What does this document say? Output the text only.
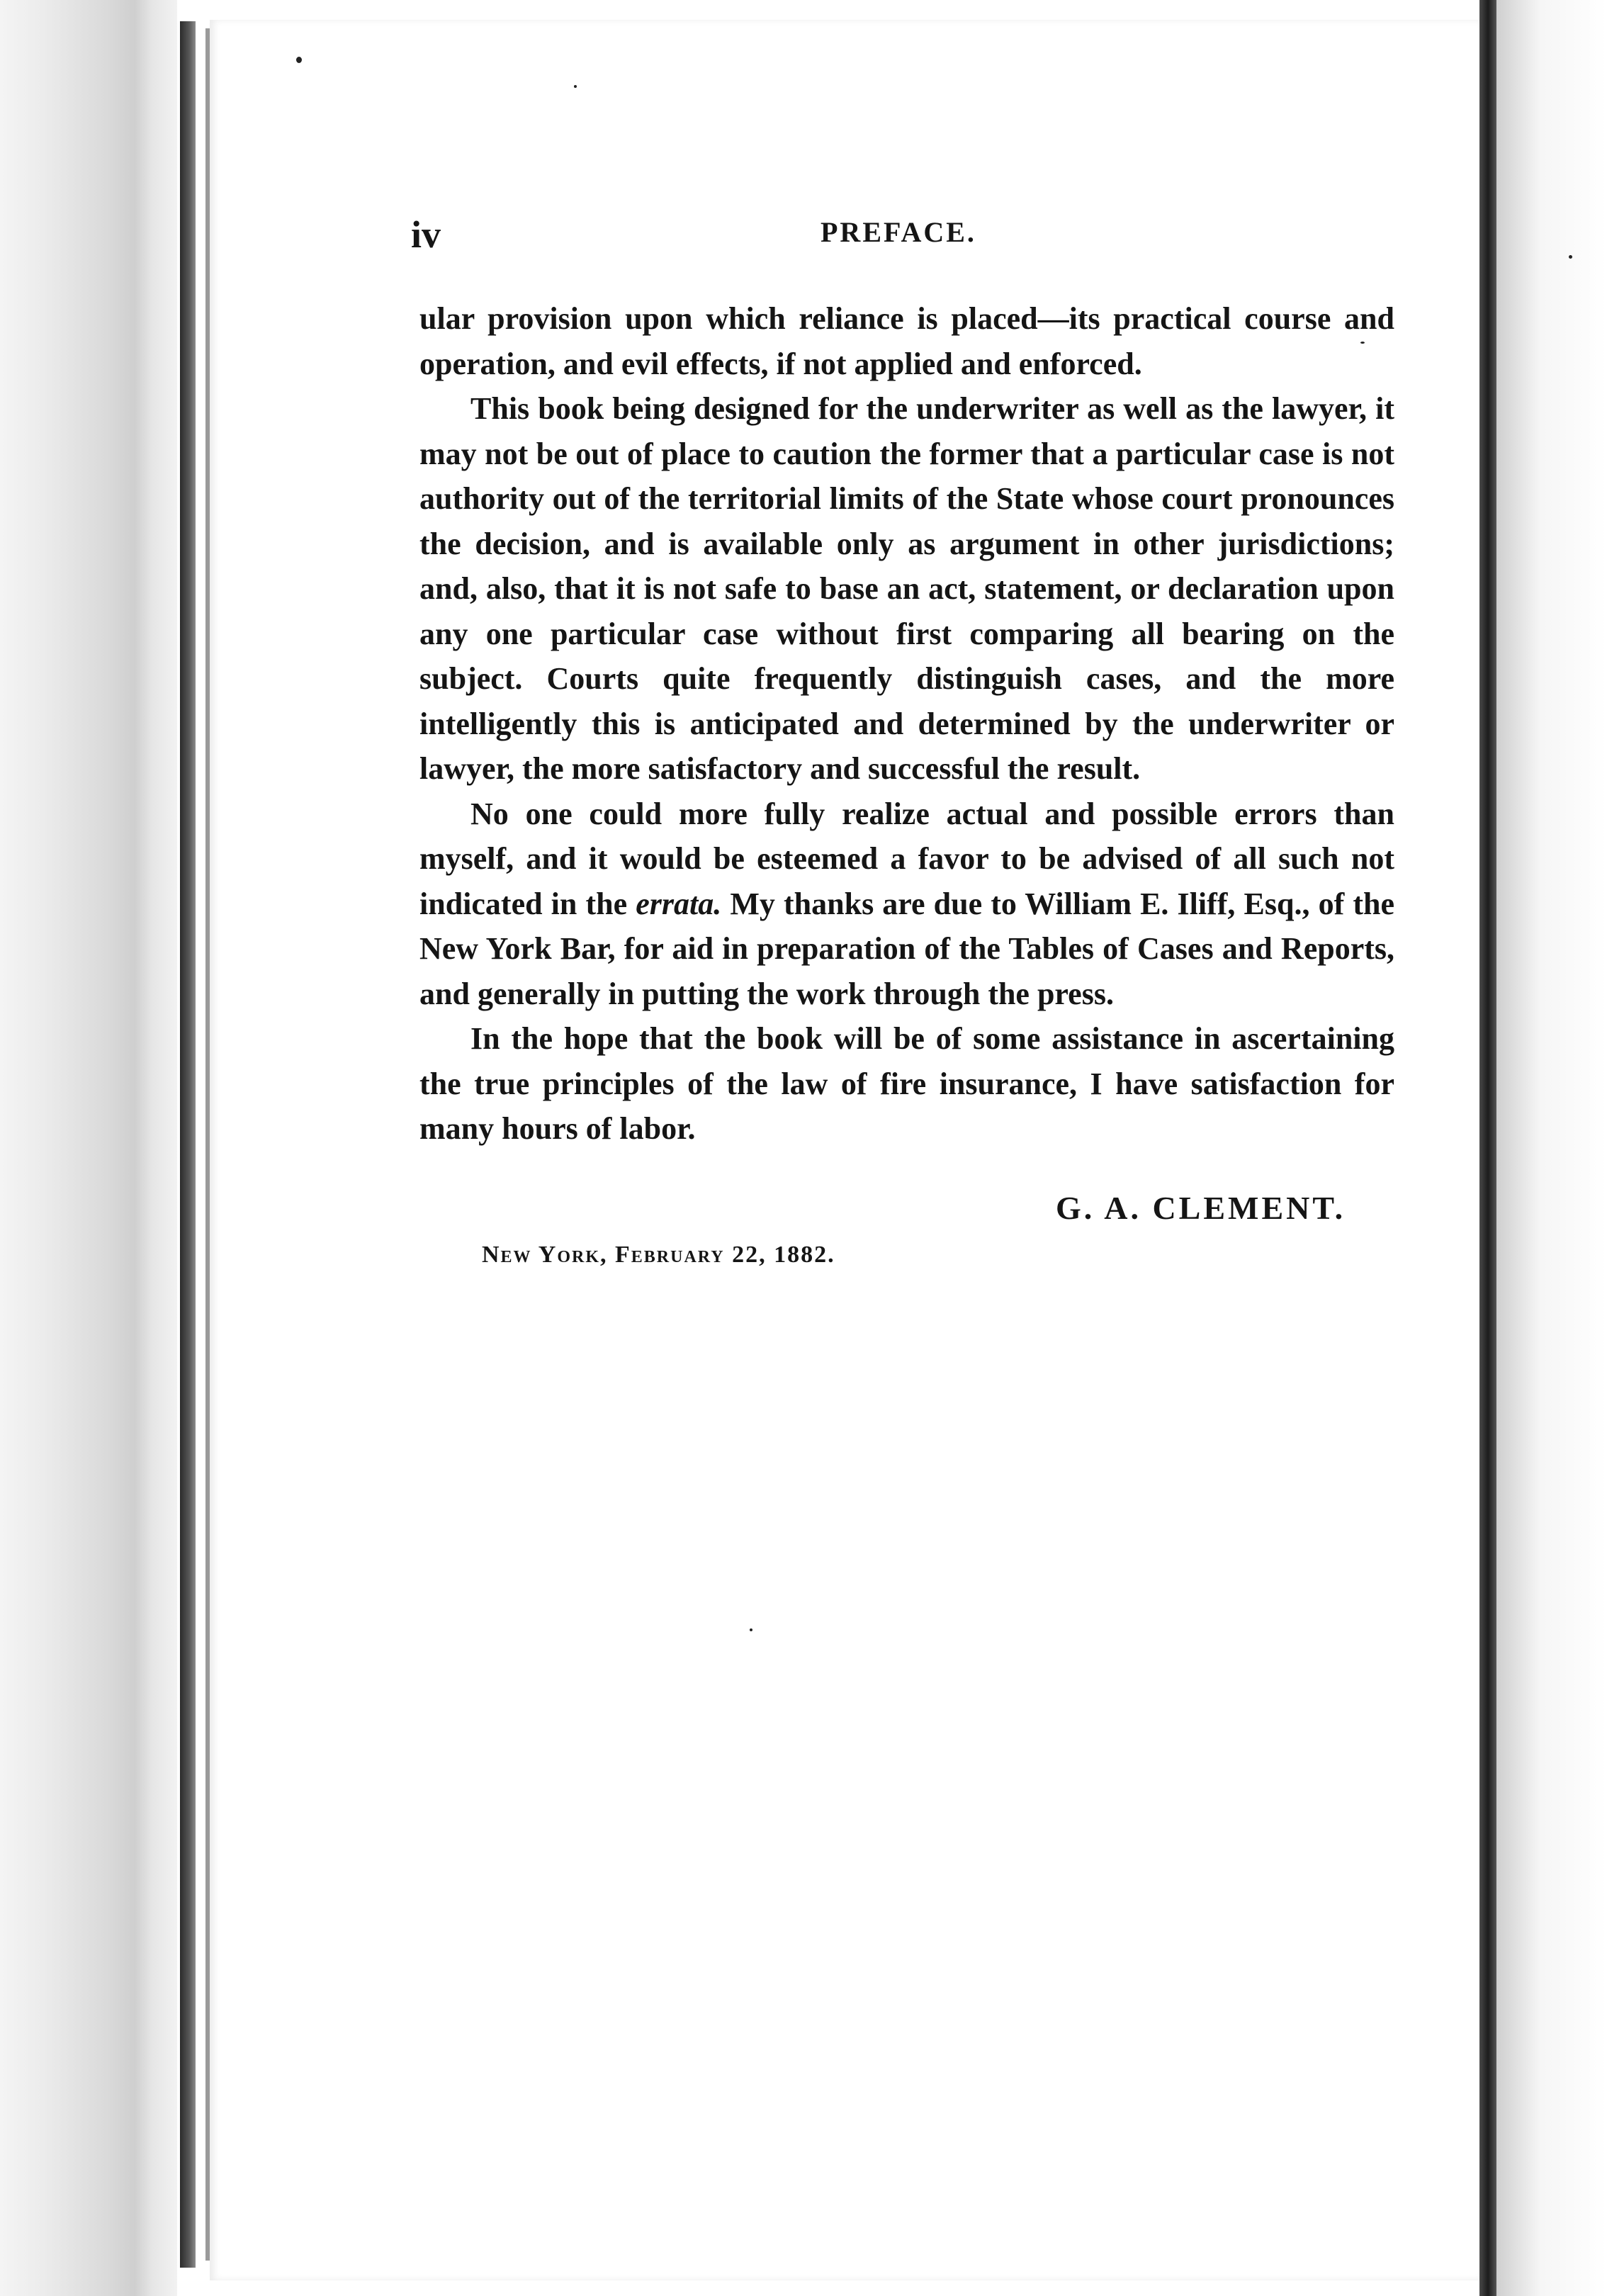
iv	PREFACE.

ular provision upon which reliance is placed—its practical course and operation, and evil effects, if not applied and enforced.

This book being designed for the underwriter as well as the lawyer, it may not be out of place to caution the former that a particular case is not authority out of the territorial limits of the State whose court pronounces the decision, and is available only as argument in other jurisdictions; and, also, that it is not safe to base an act, statement, or declaration upon any one particular case without first comparing all bearing on the subject. Courts quite frequently distinguish cases, and the more intelligently this is anticipated and determined by the underwriter or lawyer, the more satisfactory and successful the result.

No one could more fully realize actual and possible errors than myself, and it would be esteemed a favor to be advised of all such not indicated in the errata. My thanks are due to William E. Iliff, Esq., of the New York Bar, for aid in preparation of the Tables of Cases and Reports, and generally in putting the work through the press.

In the hope that the book will be of some assistance in ascertaining the true principles of the law of fire insurance, I have satisfaction for many hours of labor.

G. A. CLEMENT.
New York, February 22, 1882.
